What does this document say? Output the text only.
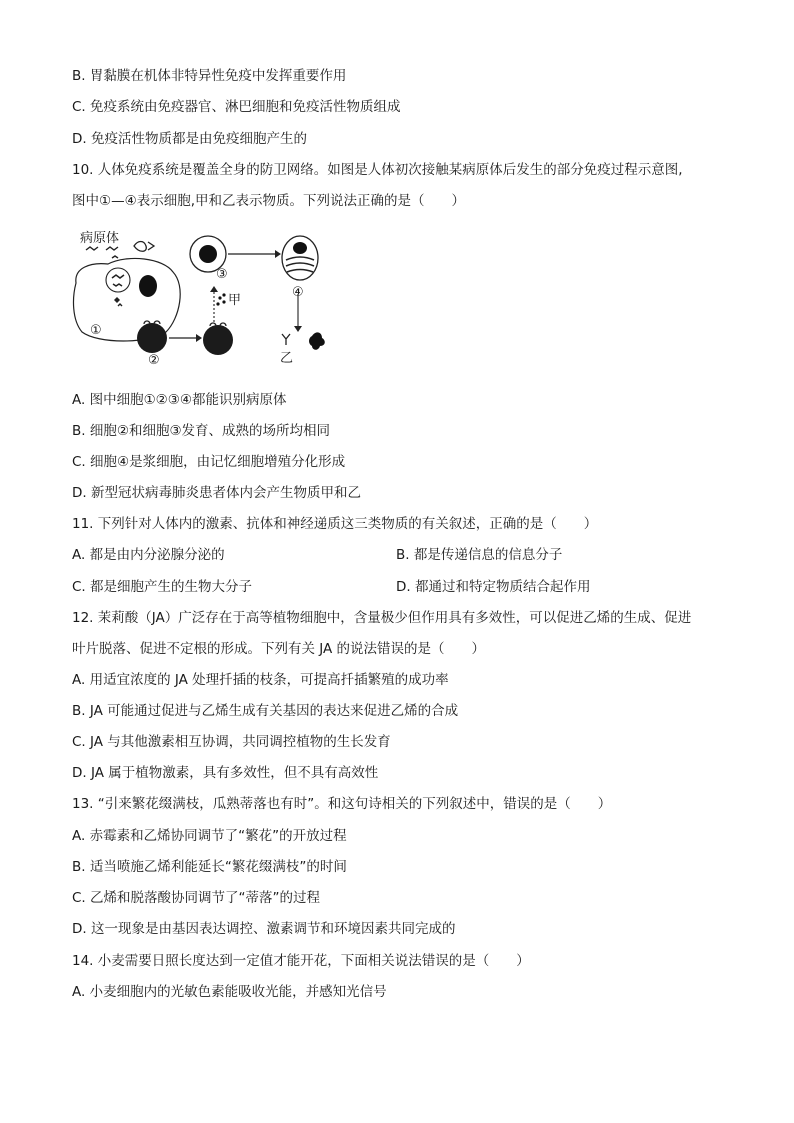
B. 胃黏膜在机体非特异性免疫中发挥重要作用
C. 免疫系统由免疫器官、淋巴细胞和免疫活性物质组成
D. 免疫活性物质都是由免疫细胞产生的
10. 人体免疫系统是覆盖全身的防卫网络。如图是人体初次接触某病原体后发生的部分免疫过程示意图,
图中①—④表示细胞,甲和乙表示物质。下列说法正确的是（　　）
病原体
①
②
③
④
甲
乙
A. 图中细胞①②③④都能识别病原体
B. 细胞②和细胞③发育、成熟的场所均相同
C. 细胞④是浆细胞，由记忆细胞增殖分化形成
D. 新型冠状病毒肺炎患者体内会产生物质甲和乙
11. 下列针对人体内的激素、抗体和神经递质这三类物质的有关叙述，正确的是（　　）
A. 都是由内分泌腺分泌的	B. 都是传递信息的信息分子
C. 都是细胞产生的生物大分子	D. 都通过和特定物质结合起作用
12. 茉莉酸（JA）广泛存在于高等植物细胞中，含量极少但作用具有多效性，可以促进乙烯的生成、促进
叶片脱落、促进不定根的形成。下列有关 JA 的说法错误的是（　　）
A. 用适宜浓度的 JA 处理扦插的枝条，可提高扦插繁殖的成功率
B. JA 可能通过促进与乙烯生成有关基因的表达来促进乙烯的合成
C. JA 与其他激素相互协调，共同调控植物的生长发育
D. JA 属于植物激素，具有多效性，但不具有高效性
13. “引来繁花缀满枝，瓜熟蒂落也有时”。和这句诗相关的下列叙述中，错误的是（　　）
A. 赤霉素和乙烯协同调节了“繁花”的开放过程
B. 适当喷施乙烯利能延长“繁花缀满枝”的时间
C. 乙烯和脱落酸协同调节了“蒂落”的过程
D. 这一现象是由基因表达调控、激素调节和环境因素共同完成的
14. 小麦需要日照长度达到一定值才能开花，下面相关说法错误的是（　　）
A. 小麦细胞内的光敏色素能吸收光能，并感知光信号
